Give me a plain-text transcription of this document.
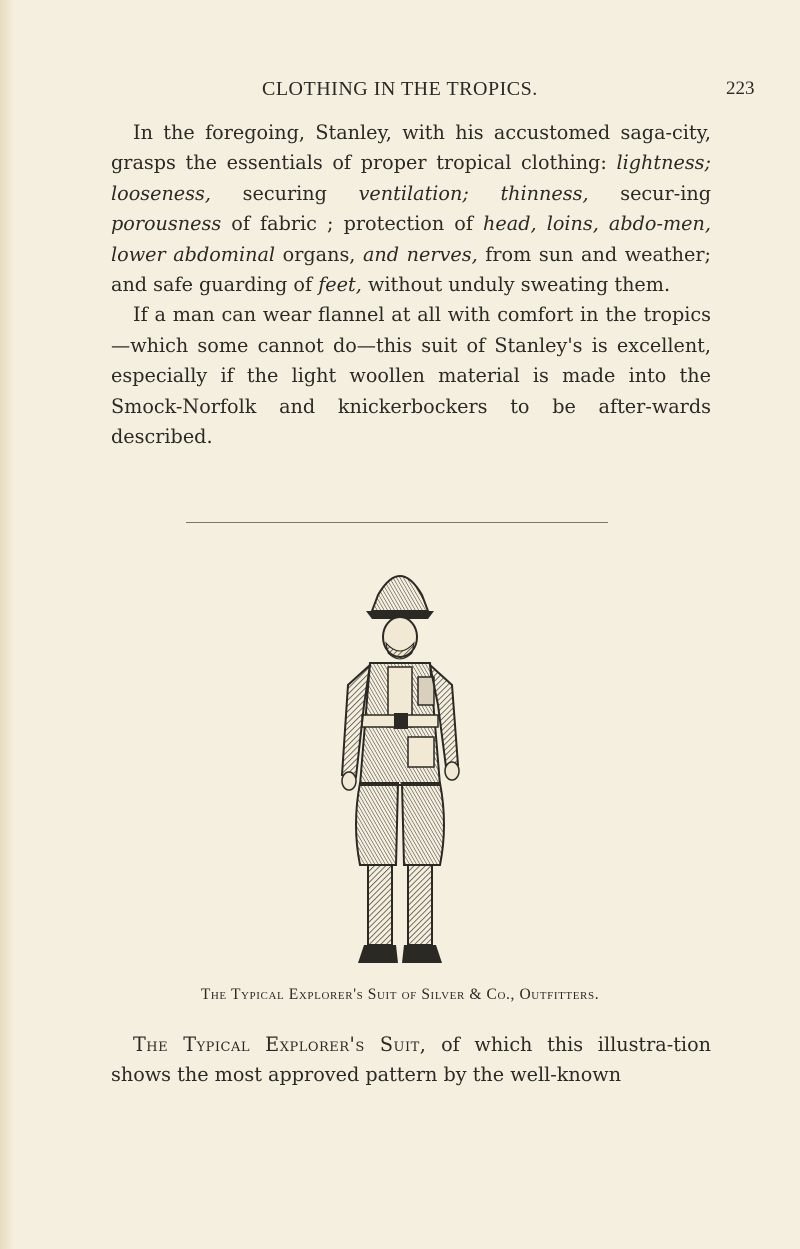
CLOTHING IN THE TROPICS.	223

In the foregoing, Stanley, with his accustomed saga-city, grasps the essentials of proper tropical clothing: lightness; looseness, securing ventilation; thinness, secur-ing porousness of fabric ; protection of head, loins, abdo-men, lower abdominal organs, and nerves, from sun and weather; and safe guarding of feet, without unduly sweating them.

If a man can wear flannel at all with comfort in the tropics—which some cannot do—this suit of Stanley's is excellent, especially if the light woollen material is made into the Smock-Norfolk and knickerbockers to be after-wards described.

The Typical Explorer's Suit of Silver & Co., Outfitters.

The Typical Explorer's Suit, of which this illustra-tion shows the most approved pattern by the well-known
